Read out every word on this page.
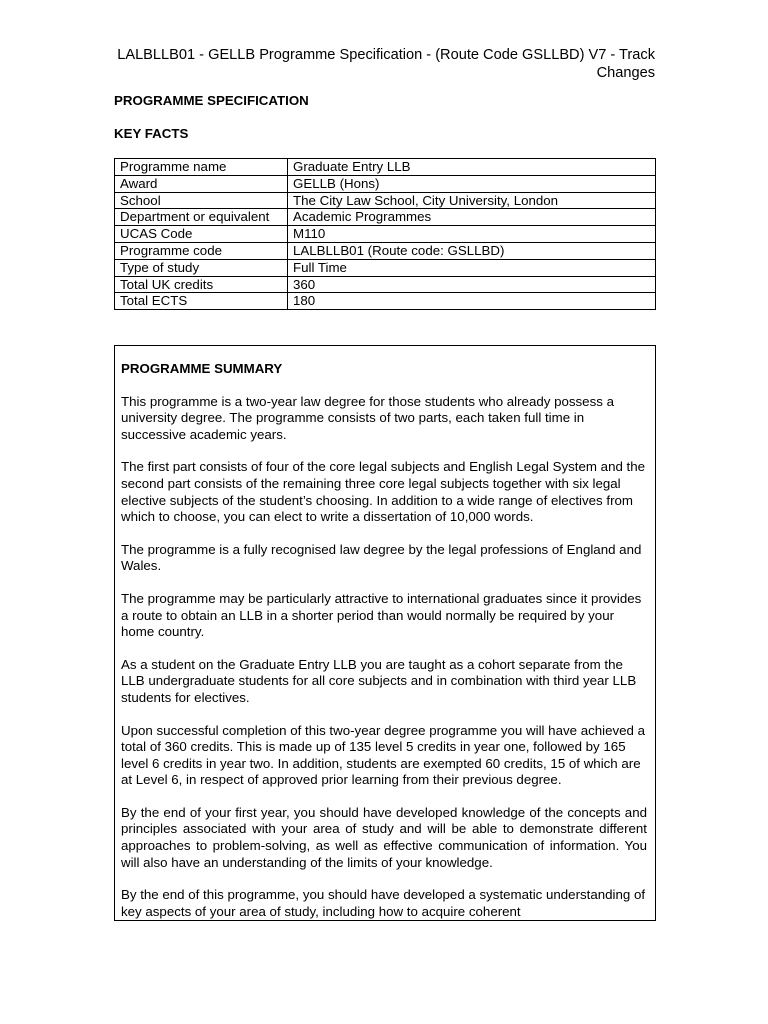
LALBLLB01 - GELLB Programme Specification - (Route Code GSLLBD) V7 - Track Changes
PROGRAMME SPECIFICATION
KEY FACTS
Programme name	Graduate Entry LLB
Award	GELLB (Hons)
School	The City Law School, City University, London
Department or equivalent	Academic Programmes
UCAS Code	M110
Programme code	LALBLLB01 (Route code: GSLLBD)
Type of study	Full Time
Total UK credits	360
Total ECTS	180
PROGRAMME SUMMARY

This programme is a two-year law degree for those students who already possess a university degree. The programme consists of two parts, each taken full time in successive academic years.

The first part consists of four of the core legal subjects and English Legal System and the second part consists of the remaining three core legal subjects together with six legal elective subjects of the student’s choosing. In addition to a wide range of electives from which to choose, you can elect to write a dissertation of 10,000 words.

The programme is a fully recognised law degree by the legal professions of England and Wales.

The programme may be particularly attractive to international graduates since it provides a route to obtain an LLB in a shorter period than would normally be required by your home country.

As a student on the Graduate Entry LLB you are taught as a cohort separate from the LLB undergraduate students for all core subjects and in combination with third year LLB students for electives.

Upon successful completion of this two-year degree programme you will have achieved a total of 360 credits. This is made up of 135 level 5 credits in year one, followed by 165 level 6 credits in year two. In addition, students are exempted 60 credits, 15 of which are at Level 6, in respect of approved prior learning from their previous degree.

By the end of your first year, you should have developed knowledge of the concepts and principles associated with your area of study and will be able to demonstrate different approaches to problem-solving, as well as effective communication of information. You will also have an understanding of the limits of your knowledge.

By the end of this programme, you should have developed a systematic understanding of key aspects of your area of study, including how to acquire coherent
